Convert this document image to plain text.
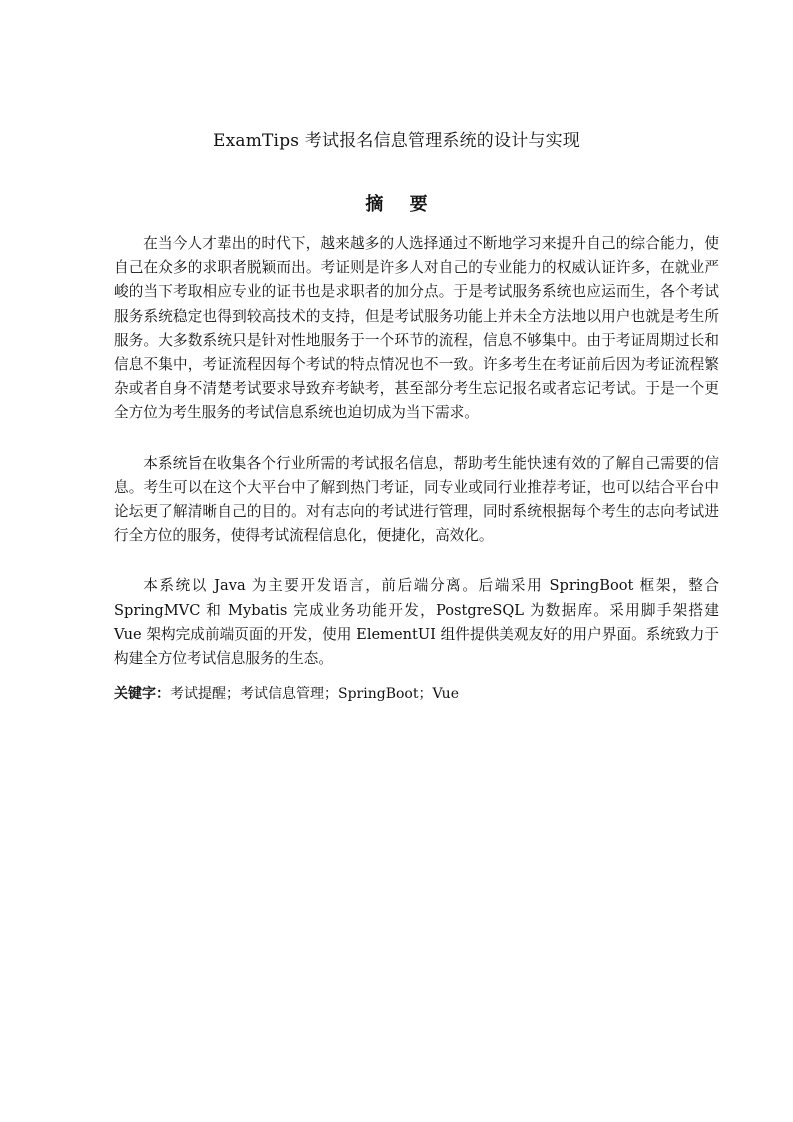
ExamTips 考试报名信息管理系统的设计与实现
摘 要

在当今人才辈出的时代下，越来越多的人选择通过不断地学习来提升自己的综合能力，使自己在众多的求职者脱颖而出。考证则是许多人对自己的专业能力的权威认证许多，在就业严峻的当下考取相应专业的证书也是求职者的加分点。于是考试服务系统也应运而生，各个考试服务系统稳定也得到较高技术的支持，但是考试服务功能上并未全方法地以用户也就是考生所服务。大多数系统只是针对性地服务于一个环节的流程，信息不够集中。由于考证周期过长和信息不集中，考证流程因每个考试的特点情况也不一致。许多考生在考证前后因为考证流程繁杂或者自身不清楚考试要求导致弃考缺考，甚至部分考生忘记报名或者忘记考试。于是一个更全方位为考生服务的考试信息系统也迫切成为当下需求。

本系统旨在收集各个行业所需的考试报名信息，帮助考生能快速有效的了解自己需要的信息。考生可以在这个大平台中了解到热门考证，同专业或同行业推荐考证，也可以结合平台中论坛更了解清晰自己的目的。对有志向的考试进行管理，同时系统根据每个考生的志向考试进行全方位的服务，使得考试流程信息化，便捷化，高效化。

本系统以 Java 为主要开发语言，前后端分离。后端采用 SpringBoot 框架，整合 SpringMVC 和 Mybatis 完成业务功能开发，PostgreSQL 为数据库。采用脚手架搭建 Vue 架构完成前端页面的开发，使用 ElementUI 组件提供美观友好的用户界面。系统致力于构建全方位考试信息服务的生态。

关键字：考试提醒；考试信息管理；SpringBoot；Vue
